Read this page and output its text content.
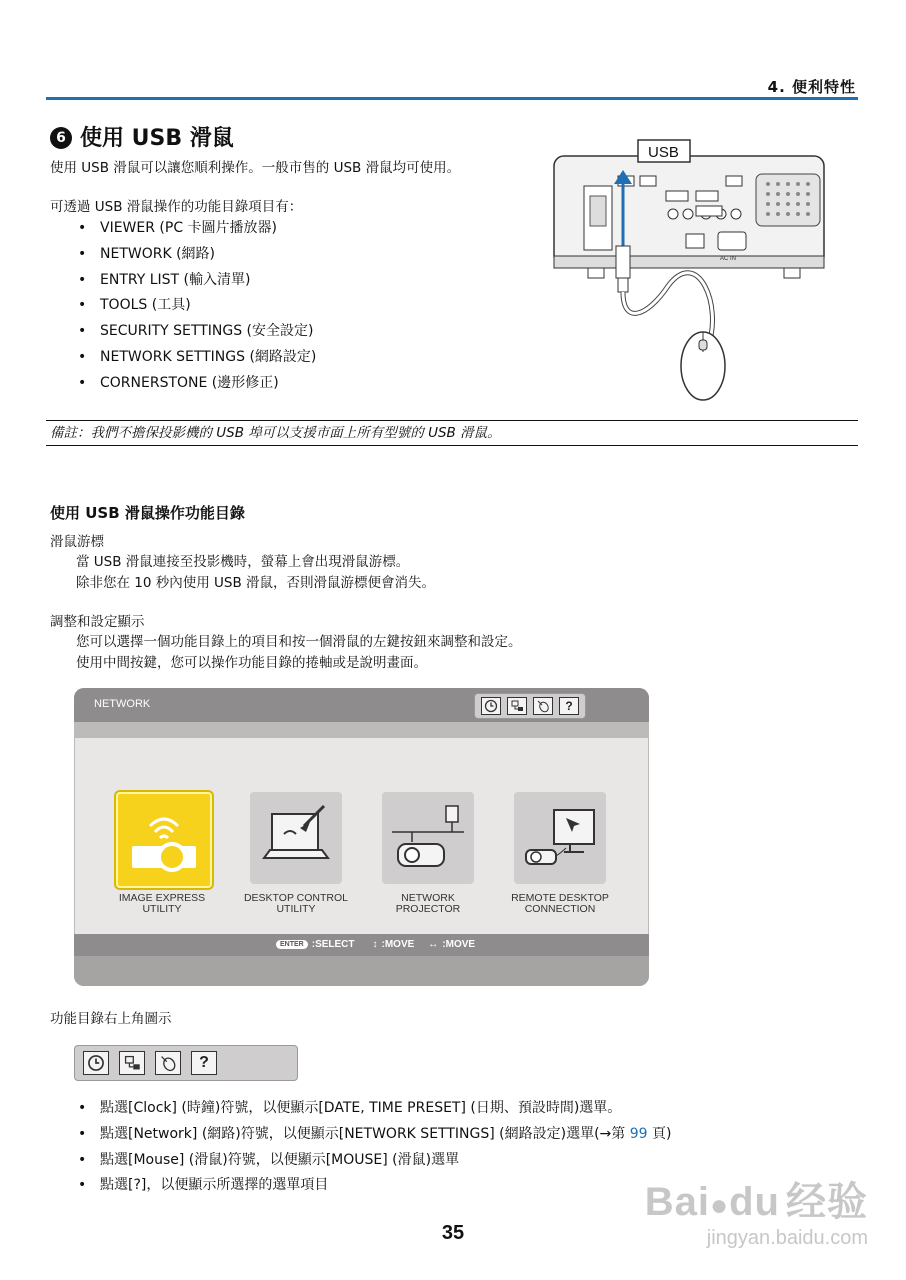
4. 便利特性
6 使用 USB 滑鼠
使用 USB 滑鼠可以讓您順利操作。一般市售的 USB 滑鼠均可使用。
可透過 USB 滑鼠操作的功能目錄項目有：
• VIEWER (PC 卡圖片播放器)
• NETWORK (網路)
• ENTRY LIST (輸入清單)
• TOOLS (工具)
• SECURITY SETTINGS (安全設定)
• NETWORK SETTINGS (網路設定)
• CORNERSTONE (邊形修正)
AC IN
USB
備註：我們不擔保投影機的 USB 埠可以支援市面上所有型號的 USB 滑鼠。
使用 USB 滑鼠操作功能目錄
滑鼠游標
當 USB 滑鼠連接至投影機時，螢幕上會出現滑鼠游標。
除非您在 10 秒內使用 USB 滑鼠，否則滑鼠游標便會消失。
調整和設定顯示
您可以選擇一個功能目錄上的項目和按一個滑鼠的左鍵按鈕來調整和設定。
使用中間按鍵，您可以操作功能目錄的捲軸或是說明畫面。
NETWORK	?
IMAGE EXPRESS
UTILITY
DESKTOP CONTROL
UTILITY
NETWORK
PROJECTOR
REMOTE DESKTOP
CONNECTION
ENTER :SELECT ↕ :MOVE ↔ :MOVE
功能目錄右上角圖示
?
• 點選[Clock] (時鐘)符號，以便顯示[DATE, TIME PRESET] (日期、預設時間)選單。
• 點選[Network] (網路)符號，以便顯示[NETWORK SETTINGS] (網路設定)選單(→第 99 頁)
• 點選[Mouse] (滑鼠)符號，以便顯示[MOUSE] (滑鼠)選單
• 點選[?]，以便顯示所選擇的選單項目	Bai●du 经验
jingyan.baidu.com
35
